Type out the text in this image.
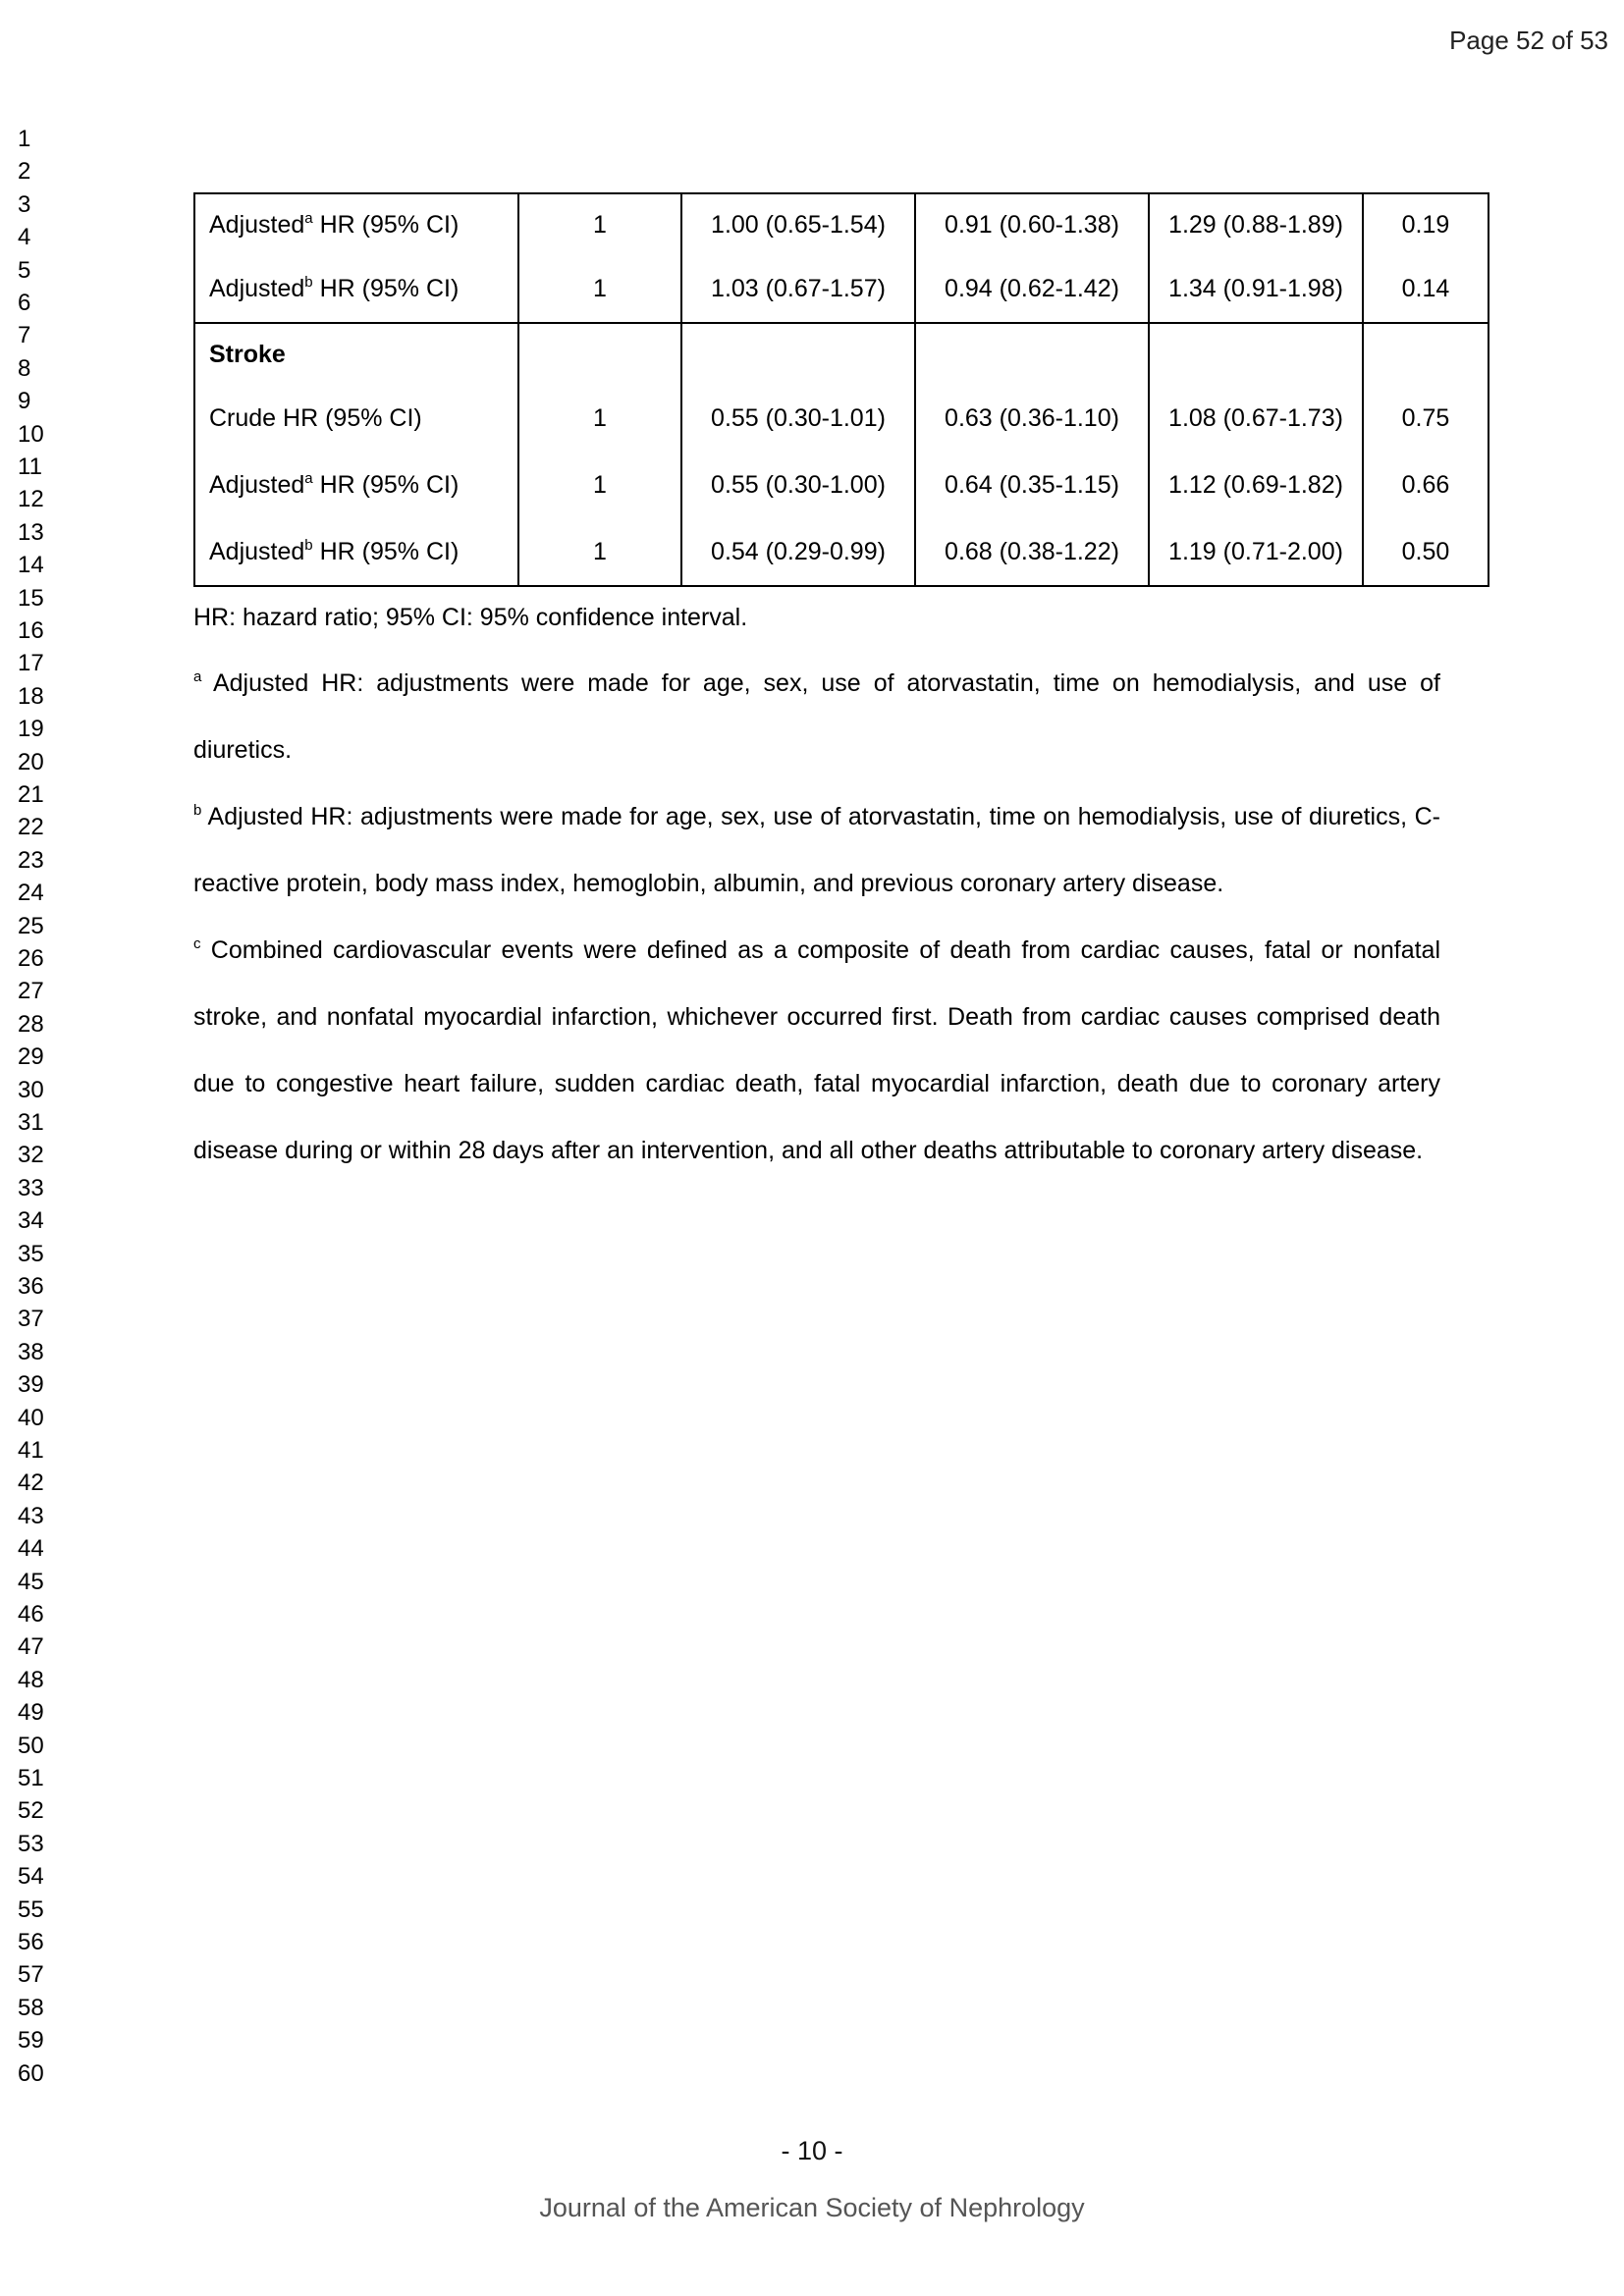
Page 52 of 53
1
2
3
4
5
6
7
8
9
10
11
12
13
14
15
16
17
18
19
20
21
22
23
24
25
26
27
28
29
30
31
32
33
34
35
36
37
38
39
40
41
42
43
44
45
46
47
48
49
50
51
52
53
54
55
56
57
58
59
60
Adjusted$^a$ HR (95% CI)	1	1.00 (0.65-1.54)	0.91 (0.60-1.38)	1.29 (0.88-1.89)	0.19
Adjusted$^b$ HR (95% CI)	1	1.03 (0.67-1.57)	0.94 (0.62-1.42)	1.34 (0.91-1.98)	0.14
Stroke					
Crude HR (95% CI)	1	0.55 (0.30-1.01)	0.63 (0.36-1.10)	1.08 (0.67-1.73)	0.75
Adjusted$^a$ HR (95% CI)	1	0.55 (0.30-1.00)	0.64 (0.35-1.15)	1.12 (0.69-1.82)	0.66
Adjusted$^b$ HR (95% CI)	1	0.54 (0.29-0.99)	0.68 (0.38-1.22)	1.19 (0.71-2.00)	0.50

HR: hazard ratio; 95% CI: 95% confidence interval.

$^a$ Adjusted HR: adjustments were made for age, sex, use of atorvastatin, time on hemodialysis, and use of diuretics.

$^b$ Adjusted HR: adjustments were made for age, sex, use of atorvastatin, time on hemodialysis, use of diuretics, C-reactive protein, body mass index, hemoglobin, albumin, and previous coronary artery disease.

$^c$ Combined cardiovascular events were defined as a composite of death from cardiac causes, fatal or nonfatal stroke, and nonfatal myocardial infarction, whichever occurred first. Death from cardiac causes comprised death due to congestive heart failure, sudden cardiac death, fatal myocardial infarction, death due to coronary artery disease during or within 28 days after an intervention, and all other deaths attributable to coronary artery disease.

- 10 -
Journal of the American Society of Nephrology
